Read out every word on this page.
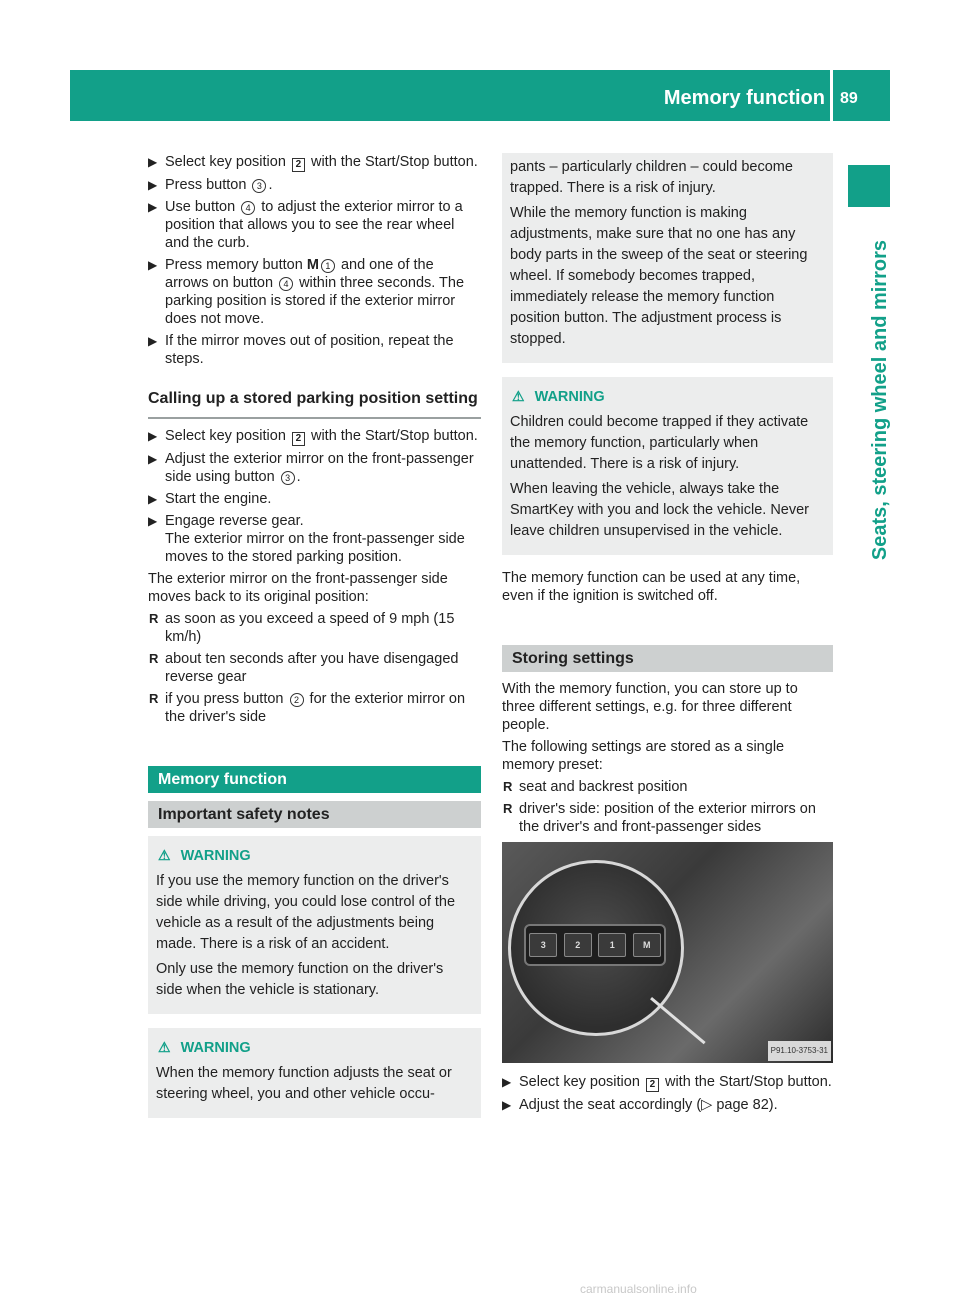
Memory function 89
Seats, steering wheel and mirrors
▶ Select key position 2 with the Start/Stop button.
▶ Press button 3 .
▶ Use button 4 to adjust the exterior mirror to a position that allows you to see the rear wheel and the curb.
▶ Press memory button M 1 and one of the arrows on button 4 within three seconds. The parking position is stored if the exterior mirror does not move.
▶ If the mirror moves out of position, repeat the steps.
Calling up a stored parking position setting
▶ Select key position 2 with the Start/Stop button.
▶ Adjust the exterior mirror on the front-passenger side using button 3 .
▶ Start the engine.
▶ Engage reverse gear.
The exterior mirror on the front-passenger side moves to the stored parking position.

The exterior mirror on the front-passenger side moves back to its original position:

R as soon as you exceed a speed of 9 mph (15 km/h)
R about ten seconds after you have disengaged reverse gear
R if you press button 2 for the exterior mirror on the driver's side
Memory function
Important safety notes
⚠ WARNING

If you use the memory function on the driver's side while driving, you could lose control of the vehicle as a result of the adjustments being made. There is a risk of an accident.

Only use the memory function on the driver's side when the vehicle is stationary.

⚠ WARNING

When the memory function adjusts the seat or steering wheel, you and other vehicle occu-

pants – particularly children – could become trapped. There is a risk of injury.

While the memory function is making adjustments, make sure that no one has any body parts in the sweep of the seat or steering wheel. If somebody becomes trapped, immediately release the memory function position button. The adjustment process is stopped.

⚠ WARNING

Children could become trapped if they activate the memory function, particularly when unattended. There is a risk of injury.

When leaving the vehicle, always take the SmartKey with you and lock the vehicle. Never leave children unsupervised in the vehicle.

The memory function can be used at any time, even if the ignition is switched off.

Storing settings

With the memory function, you can store up to three different settings, e.g. for three different people.

The following settings are stored as a single memory preset:

R seat and backrest position
R driver's side: position of the exterior mirrors on the driver's and front-passenger sides
3	2	1	M
P91.10-3753-31
▶ Select key position 2 with the Start/Stop button.
▶ Adjust the seat accordingly (▷ page 82).
carmanualsonline.info
